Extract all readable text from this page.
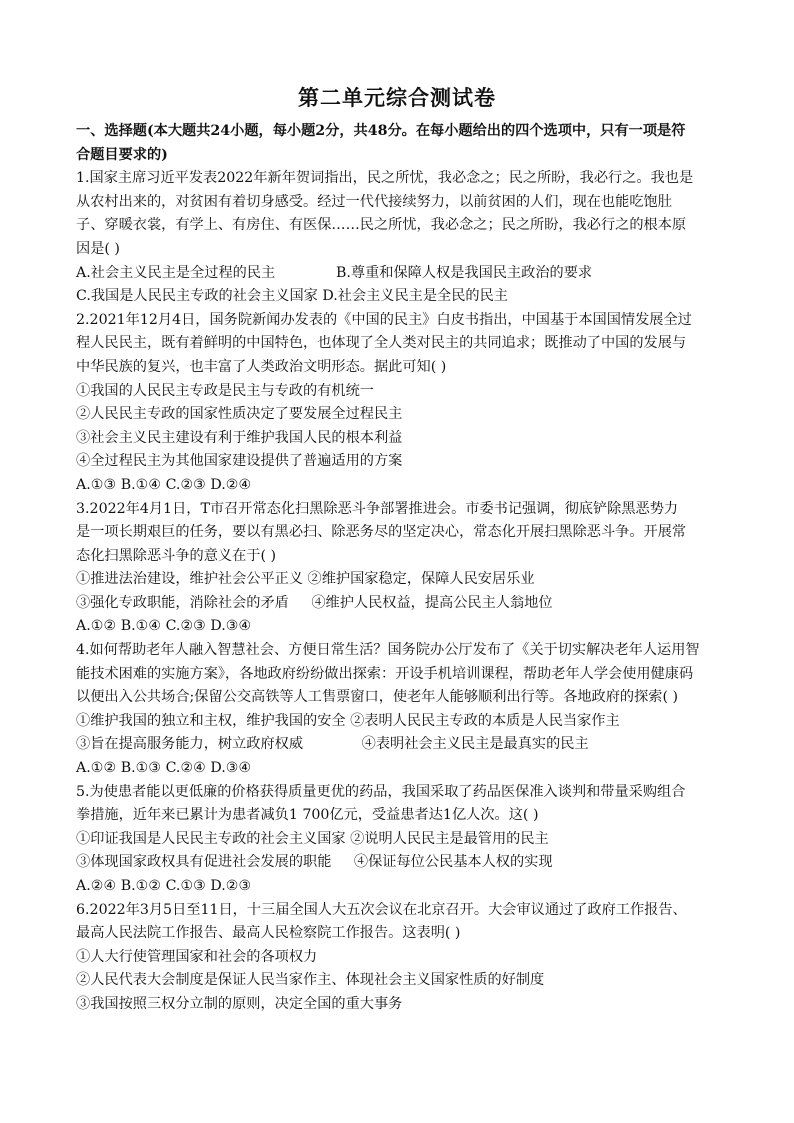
第二单元综合测试卷
一、选择题(本大题共24小题，每小题2分，共48分。在每小题给出的四个选项中，只有一项是符
合题目要求的)
1.国家主席习近平发表2022年新年贺词指出，民之所忧，我必念之；民之所盼，我必行之。我也是
从农村出来的，对贫困有着切身感受。经过一代代接续努力，以前贫困的人们，现在也能吃饱肚
子、穿暖衣裳，有学上、有房住、有医保……民之所忧，我必念之；民之所盼，我必行之的根本原
因是( )
A.社会主义民主是全过程的民主	B.尊重和保障人权是我国民主政治的要求
C.我国是人民民主专政的社会主义国家 D.社会主义民主是全民的民主
2.2021年12月4日，国务院新闻办发表的《中国的民主》白皮书指出，中国基于本国国情发展全过
程人民民主，既有着鲜明的中国特色，也体现了全人类对民主的共同追求；既推动了中国的发展与
中华民族的复兴，也丰富了人类政治文明形态。据此可知( )
①我国的人民民主专政是民主与专政的有机统一
②人民民主专政的国家性质决定了要发展全过程民主
③社会主义民主建设有利于维护我国人民的根本利益
④全过程民主为其他国家建设提供了普遍适用的方案
A.①③ B.①④ C.②③ D.②④
3.2022年4月1日，T市召开常态化扫黑除恶斗争部署推进会。市委书记强调，彻底铲除黑恶势力
是一项长期艰巨的任务，要以有黑必扫、除恶务尽的坚定决心，常态化开展扫黑除恶斗争。开展常
态化扫黑除恶斗争的意义在于( )
①推进法治建设，维护社会公平正义 ②维护国家稳定，保障人民安居乐业
③强化专政职能，消除社会的矛盾     ④维护人民权益，提高公民主人翁地位
A.①② B.①④ C.②③ D.③④
4.如何帮助老年人融入智慧社会、方便日常生活？国务院办公厅发布了《关于切实解决老年人运用智
能技术困难的实施方案》，各地政府纷纷做出探索：开设手机培训课程，帮助老年人学会使用健康码
以便出入公共场合;保留公交高铁等人工售票窗口，使老年人能够顺利出行等。各地政府的探索( )
①维护我国的独立和主权，维护我国的安全 ②表明人民民主专政的本质是人民当家作主
③旨在提高服务能力，树立政府权威             ④表明社会主义民主是最真实的民主
A.①② B.①③ C.②④ D.③④
5.为使患者能以更低廉的价格获得质量更优的药品，我国采取了药品医保准入谈判和带量采购组合
拳措施，近年来已累计为患者减负1 700亿元，受益患者达1亿人次。这( )
①印证我国是人民民主专政的社会主义国家 ②说明人民民主是最管用的民主
③体现国家政权具有促进社会发展的职能     ④保证每位公民基本人权的实现
A.②④ B.①② C.①③ D.②③
6.2022年3月5日至11日，十三届全国人大五次会议在北京召开。大会审议通过了政府工作报告、
最高人民法院工作报告、最高人民检察院工作报告。这表明( )
①人大行使管理国家和社会的各项权力
②人民代表大会制度是保证人民当家作主、体现社会主义国家性质的好制度
③我国按照三权分立制的原则，决定全国的重大事务
